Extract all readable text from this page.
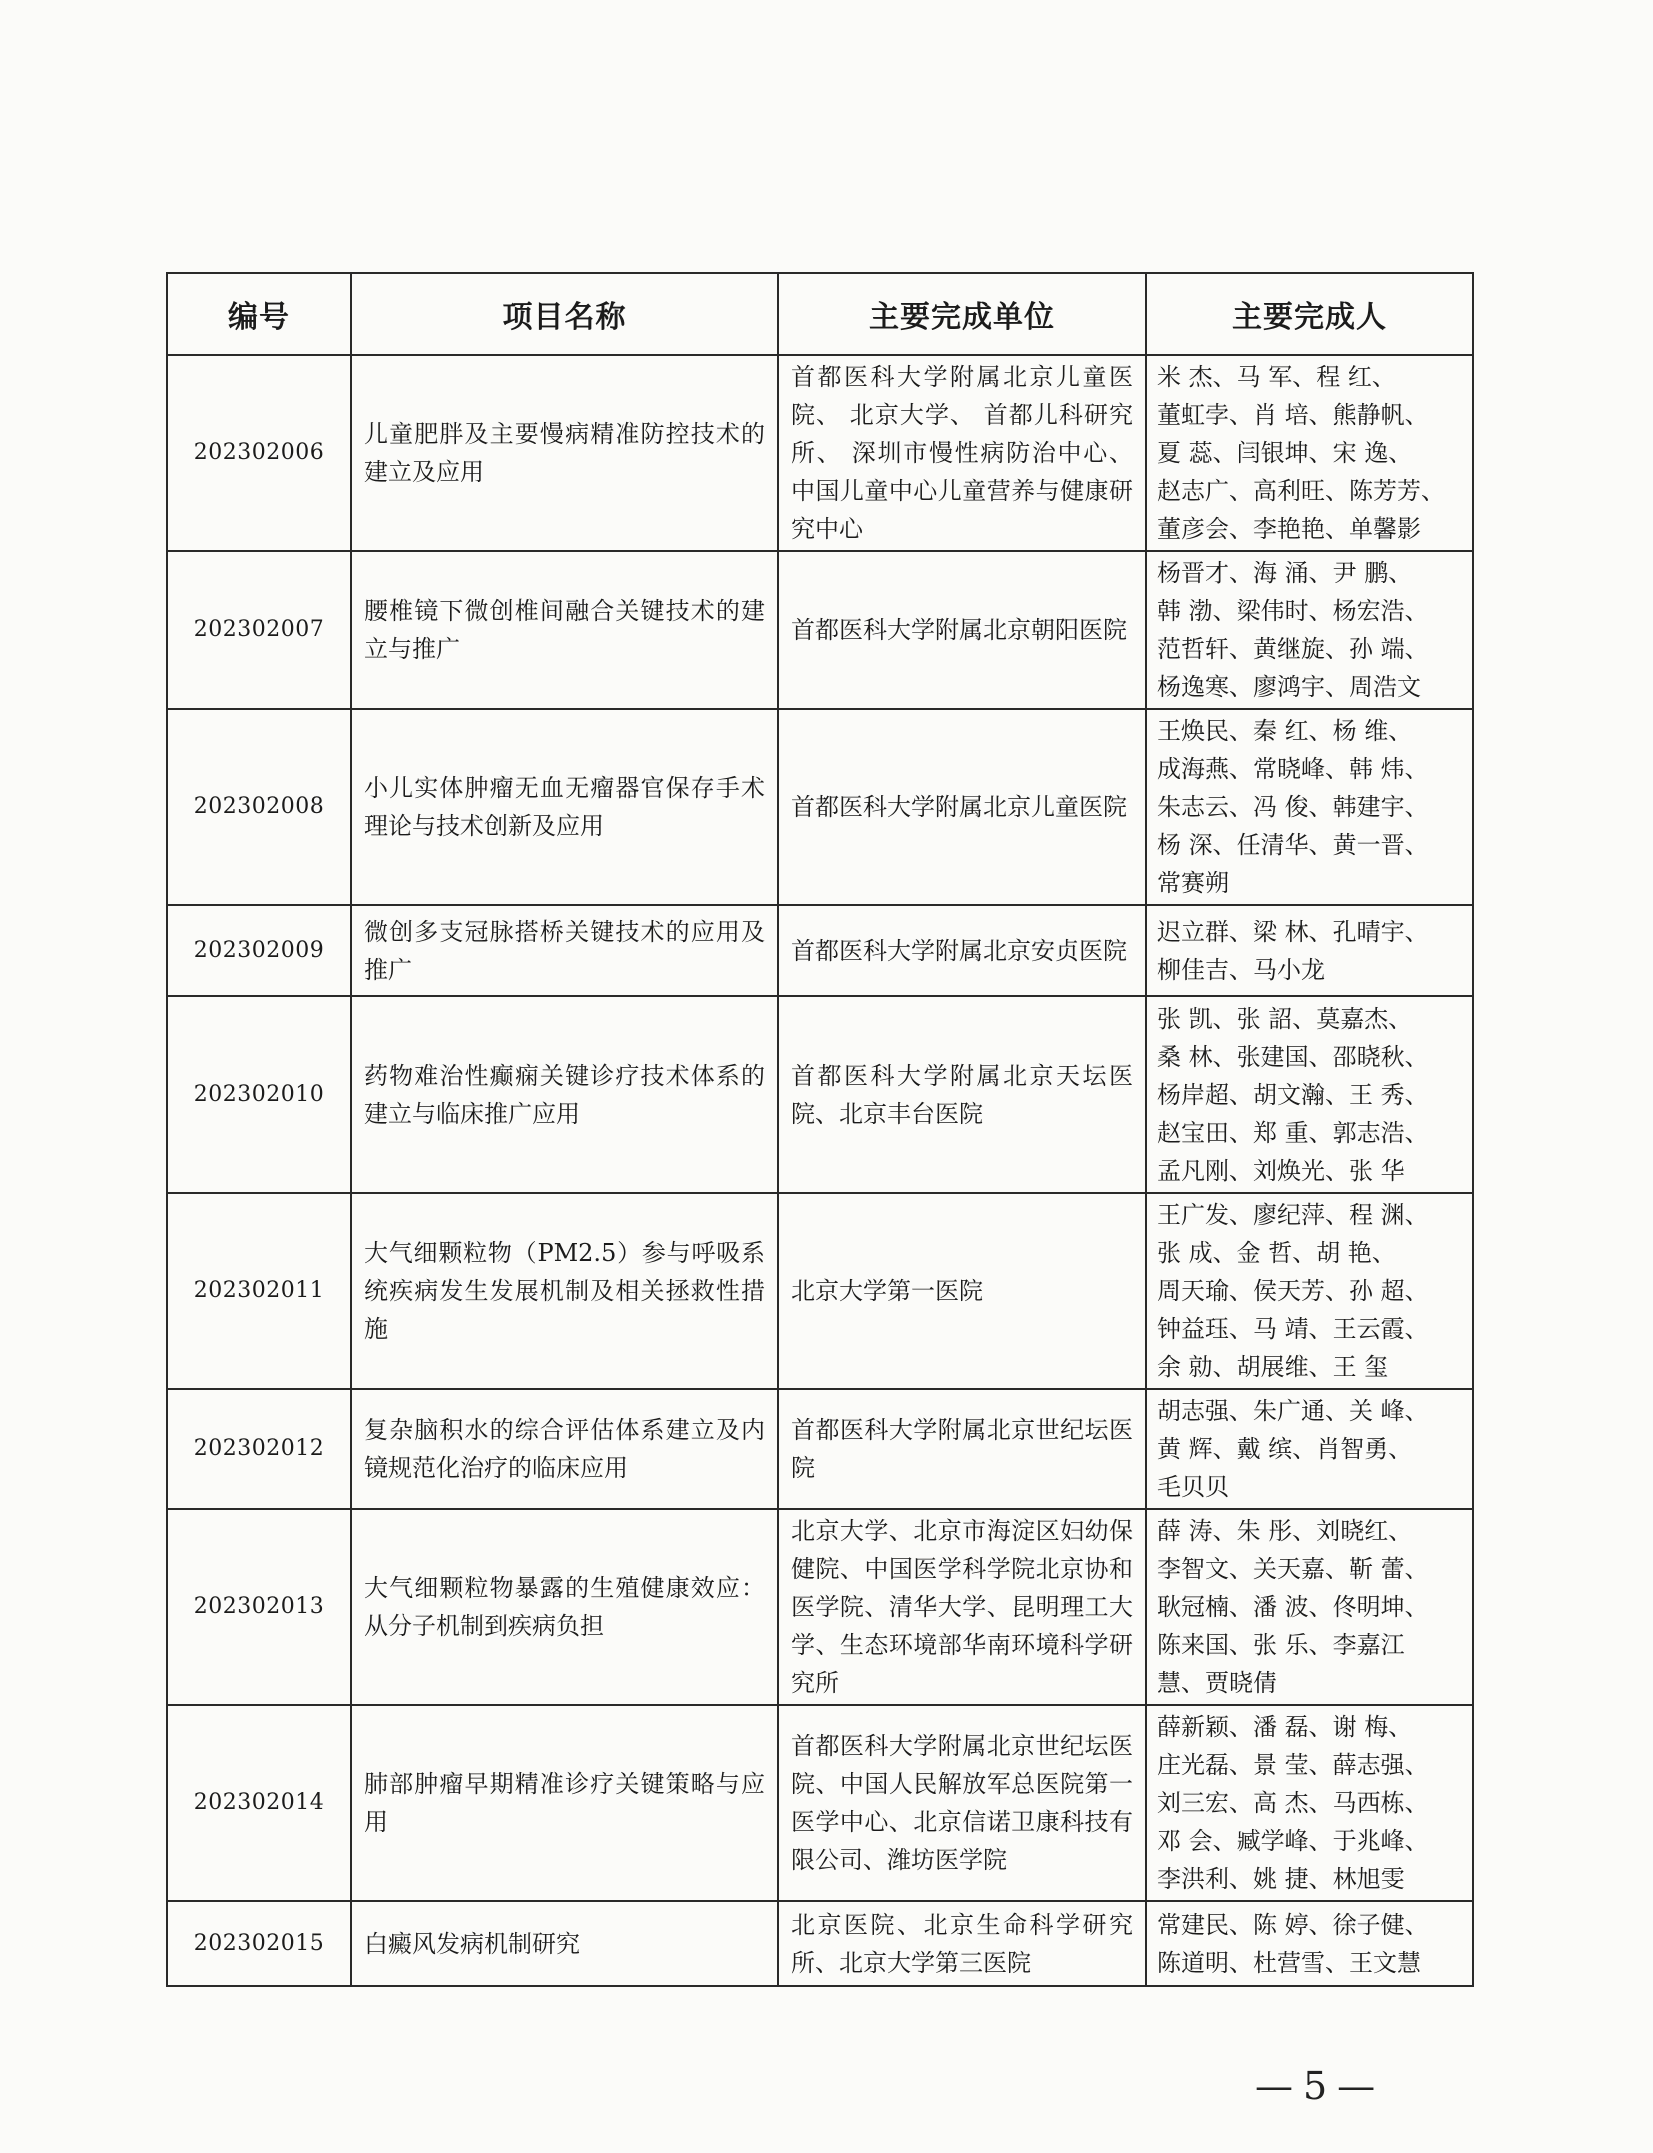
编号	项目名称	主要完成单位	主要完成人
202302006	儿童肥胖及主要慢病精准防控技术的建立及应用	首都医科大学附属北京儿童医院、 北京大学、 首都儿科研究所、 深圳市慢性病防治中心、中国儿童中心儿童营养与健康研究中心	米 杰、马 军、程 红、
董虹孛、肖 培、熊静帆、
夏 蕊、闫银坤、宋 逸、
赵志广、高利旺、陈芳芳、
董彦会、李艳艳、单馨影

202302007	腰椎镜下微创椎间融合关键技术的建立与推广	首都医科大学附属北京朝阳医院	杨晋才、海 涌、尹 鹏、
韩 渤、梁伟时、杨宏浩、
范哲轩、黄继旋、孙 端、
杨逸寒、廖鸿宇、周浩文

202302008	小儿实体肿瘤无血无瘤器官保存手术理论与技术创新及应用	首都医科大学附属北京儿童医院	王焕民、秦 红、杨 维、
成海燕、常晓峰、韩 炜、
朱志云、冯 俊、韩建宇、
杨 深、任清华、黄一晋、
常赛朔

202302009	微创多支冠脉搭桥关键技术的应用及推广	首都医科大学附属北京安贞医院	迟立群、梁 林、孔晴宇、
柳佳吉、马小龙

202302010	药物难治性癫痫关键诊疗技术体系的建立与临床推广应用	首都医科大学附属北京天坛医院、北京丰台医院	张 凯、张 詔、莫嘉杰、
桑 林、张建国、邵晓秋、
杨岸超、胡文瀚、王 秀、
赵宝田、郑 重、郭志浩、
孟凡刚、刘焕光、张 华

202302011	大气细颗粒物（PM2.5）参与呼吸系统疾病发生发展机制及相关拯救性措施	北京大学第一医院	王广发、廖纪萍、程 渊、
张 成、金 哲、胡 艳、
周天瑜、侯天芳、孙 超、
钟益珏、马 靖、王云霞、
余 勍、胡展维、王 玺

202302012	复杂脑积水的综合评估体系建立及内镜规范化治疗的临床应用	首都医科大学附属北京世纪坛医院	胡志强、朱广通、关 峰、
黄 辉、戴 缤、肖智勇、
毛贝贝

202302013	大气细颗粒物暴露的生殖健康效应：从分子机制到疾病负担	北京大学、北京市海淀区妇幼保健院、中国医学科学院北京协和医学院、清华大学、昆明理工大学、生态环境部华南环境科学研究所	薛 涛、朱 彤、刘晓红、
李智文、关天嘉、靳 蕾、
耿冠楠、潘 波、佟明坤、
陈来国、张 乐、李嘉江
慧、贾晓倩

202302014	肺部肿瘤早期精准诊疗关键策略与应用	首都医科大学附属北京世纪坛医院、中国人民解放军总医院第一医学中心、北京信诺卫康科技有限公司、潍坊医学院	薛新颖、潘 磊、谢 梅、
庄光磊、景 莹、薛志强、
刘三宏、高 杰、马西栋、
邓 会、臧学峰、于兆峰、
李洪利、姚 捷、林旭雯

202302015	白癜风发病机制研究	北京医院、北京生命科学研究所、北京大学第三医院	常建民、陈 婷、徐子健、
陈道明、杜营雪、王文慧
—5—
